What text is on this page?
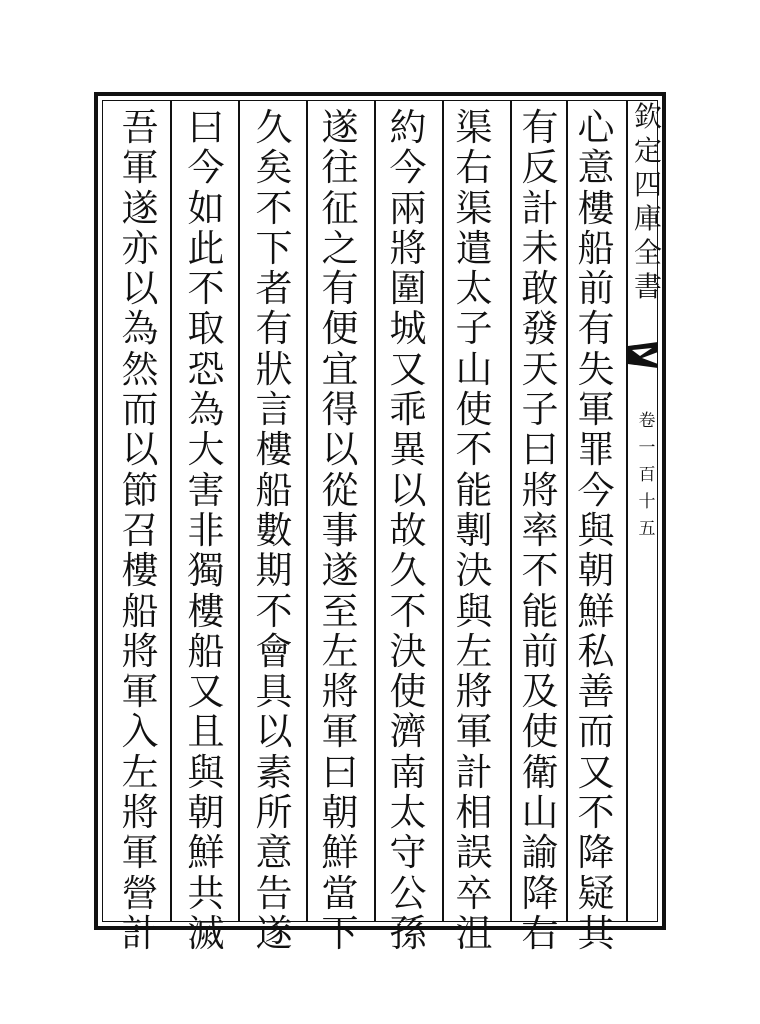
心
意
樓
船
前
有
失
軍
罪
今
與
朝
鮮
私
善
而
又
不
降
疑
其
有
反
計
未
敢
發
天
子
曰
將
率
不
能
前
及
使
衛
山
諭
降
右
渠
右
渠
遣
太
子
山
使
不
能
剸
決
與
左
將
軍
計
相
誤
卒
沮
約
今
兩
將
圍
城
又
乖
異
以
故
久
不
決
使
濟
南
太
守
公
孫
遂
往
征
之
有
便
宜
得
以
從
事
遂
至
左
將
軍
曰
朝
鮮
當
下
久
矣
不
下
者
有
狀
言
樓
船
數
期
不
會
具
以
素
所
意
告
遂
曰
今
如
此
不
取
恐
為
大
害
非
獨
樓
船
又
且
與
朝
鮮
共
滅
吾
軍
遂
亦
以
為
然
而
以
節
召
樓
船
將
軍
入
左
將
軍
營
計
欽
定
四
庫
全
書
卷
一
百
十
五
